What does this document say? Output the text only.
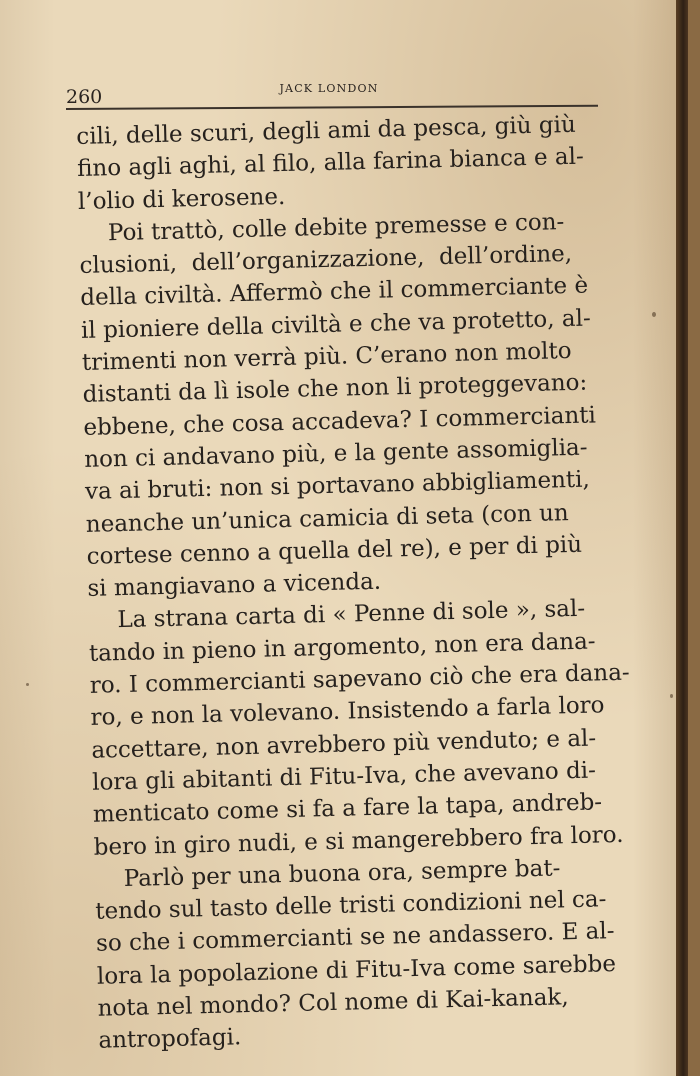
260	JACK LONDON
cili, delle scuri, degli ami da pesca, giù giù
fino agli aghi, al filo, alla farina bianca e al-
l’olio di kerosene.
Poi trattò, colle debite premesse e con-
clusioni,  dell’organizzazione,  dell’ordine,
della civiltà. Affermò che il commerciante è
il pioniere della civiltà e che va protetto, al-
trimenti non verrà più. C’erano non molto
distanti da lì isole che non li proteggevano:
ebbene, che cosa accadeva? I commercianti
non ci andavano più, e la gente assomiglia-
va ai bruti: non si portavano abbigliamenti,
neanche un’unica camicia di seta (con un
cortese cenno a quella del re), e per di più
si mangiavano a vicenda.
La strana carta di « Penne di sole », sal-
tando in pieno in argomento, non era dana-
ro. I commercianti sapevano ciò che era dana-
ro, e non la volevano. Insistendo a farla loro
accettare, non avrebbero più venduto; e al-
lora gli abitanti di Fitu-Iva, che avevano di-
menticato come si fa a fare la tapa, andreb-
bero in giro nudi, e si mangerebbero fra loro.
Parlò per una buona ora, sempre bat-
tendo sul tasto delle tristi condizioni nel ca-
so che i commercianti se ne andassero. E al-
lora la popolazione di Fitu-Iva come sarebbe
nota nel mondo? Col nome di Kai-kanak,
antropofagi.
